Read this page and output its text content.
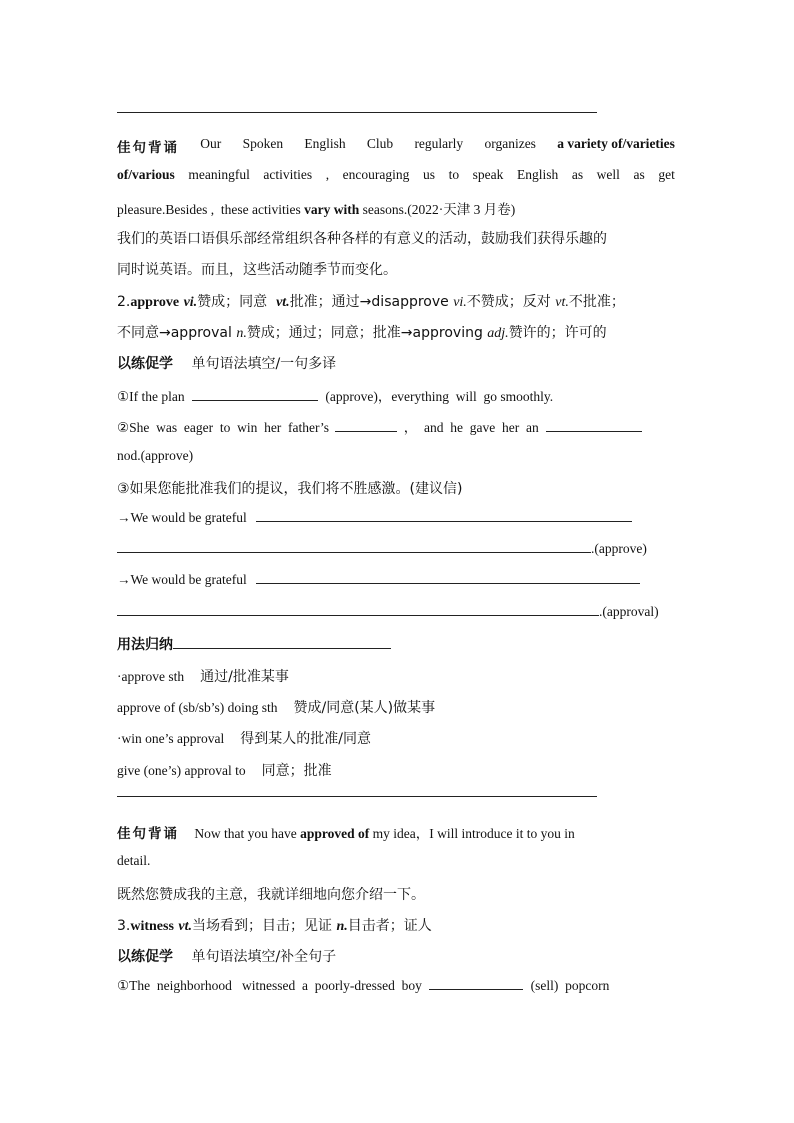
佳句背诵 Our Spoken English Club regularly organizes a variety of/varieties
of/various meaningful activities , encouraging us to speak English as well as get
pleasure.Besides ,  these activities vary with seasons.(2022·天津 3 月卷)
我们的英语口语俱乐部经常组织各种各样的有意义的活动，鼓励我们获得乐趣的
同时说英语。而且，这些活动随季节而变化。
2.approve vi.赞成；同意  vt.批准；通过→disapprove vi.不赞成；反对 vt.不批准；
不同意→approval n.赞成；通过；同意；批准→approving adj.赞许的；许可的
以练促学 单句语法填空/一句多译
①If the plan	(approve)，everything  will  go smoothly.
②She  was  eager  to  win  her  father’s	，  and  he  gave  her  an
nod.(approve)
③如果您能批准我们的提议，我们将不胜感激。(建议信)
→We would be grateful
.(approve)
→We would be grateful
.(approval)
用法归纳
·approve sth 通过/批准某事
approve of (sb/sb’s) doing sth 赞成/同意(某人)做某事
·win one’s approval 得到某人的批准/同意
give (one’s) approval to 同意；批准
佳句背诵 Now that you have approved of my idea，I will introduce it to you in
detail.
既然您赞成我的主意，我就详细地向您介绍一下。
3.witness vt.当场看到；目击；见证 n.目击者；证人
以练促学 单句语法填空/补全句子
①The  neighborhood   witnessed  a  poorly-dressed  boy	(sell)  popcorn
